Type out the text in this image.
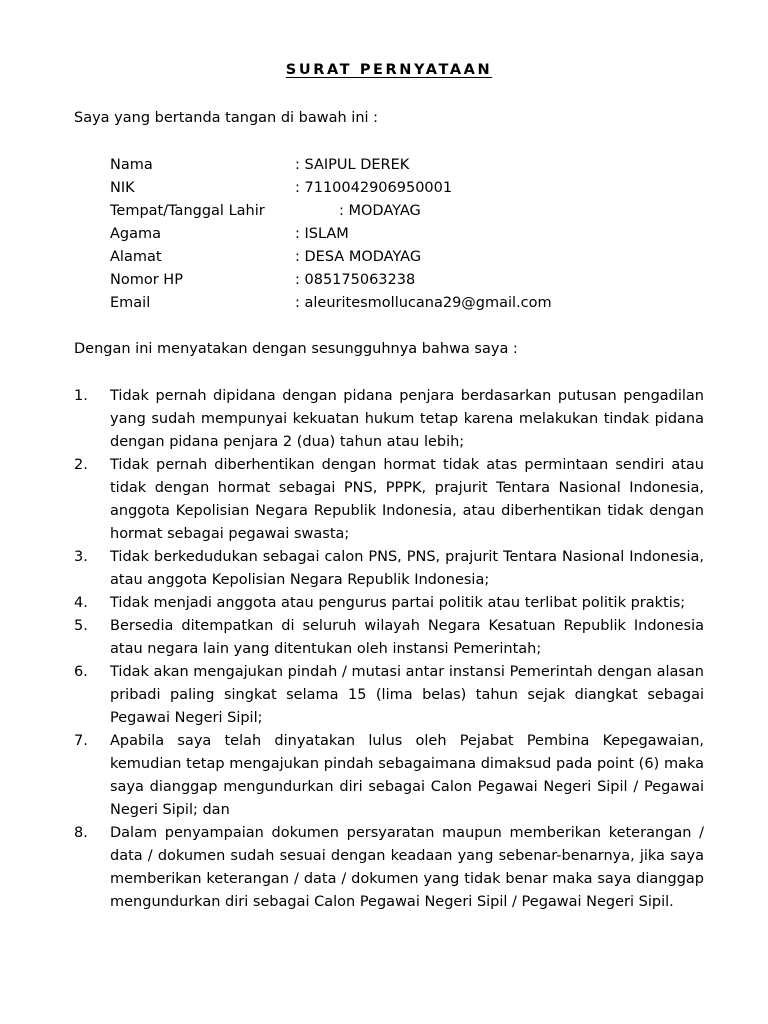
SURAT PERNYATAAN
Saya yang bertanda tangan di bawah ini :
Nama	: SAIPUL DEREK
NIK	: 7110042906950001
Tempat/Tanggal Lahir	: MODAYAG
Agama	: ISLAM
Alamat	: DESA MODAYAG
Nomor HP	: 085175063238
Email	: aleuritesmollucana29@gmail.com
Dengan ini menyatakan dengan sesungguhnya bahwa saya :
1.	Tidak pernah dipidana dengan pidana penjara berdasarkan putusan pengadilan yang sudah mempunyai kekuatan hukum tetap karena melakukan tindak pidana dengan pidana penjara 2 (dua) tahun atau lebih;
2.	Tidak pernah diberhentikan dengan hormat tidak atas permintaan sendiri atau tidak dengan hormat sebagai PNS, PPPK, prajurit Tentara Nasional Indonesia, anggota Kepolisian Negara Republik Indonesia, atau diberhentikan tidak dengan hormat sebagai pegawai swasta;
3.	Tidak berkedudukan sebagai calon PNS, PNS, prajurit Tentara Nasional Indonesia, atau anggota Kepolisian Negara Republik Indonesia;
4.	Tidak menjadi anggota atau pengurus partai politik atau terlibat politik praktis;
5.	Bersedia ditempatkan di seluruh wilayah Negara Kesatuan Republik Indonesia atau negara lain yang ditentukan oleh instansi Pemerintah;
6.	Tidak akan mengajukan pindah / mutasi antar instansi Pemerintah dengan alasan pribadi paling singkat selama 15 (lima belas) tahun sejak diangkat sebagai Pegawai Negeri Sipil;
7.	Apabila saya telah dinyatakan lulus oleh Pejabat Pembina Kepegawaian, kemudian tetap mengajukan pindah sebagaimana dimaksud pada point (6) maka saya dianggap mengundurkan diri sebagai Calon Pegawai Negeri Sipil / Pegawai Negeri Sipil; dan
8.	Dalam penyampaian dokumen persyaratan maupun memberikan keterangan / data / dokumen sudah sesuai dengan keadaan yang sebenar-benarnya, jika saya memberikan keterangan / data / dokumen yang tidak benar maka saya dianggap mengundurkan diri sebagai Calon Pegawai Negeri Sipil / Pegawai Negeri Sipil.
